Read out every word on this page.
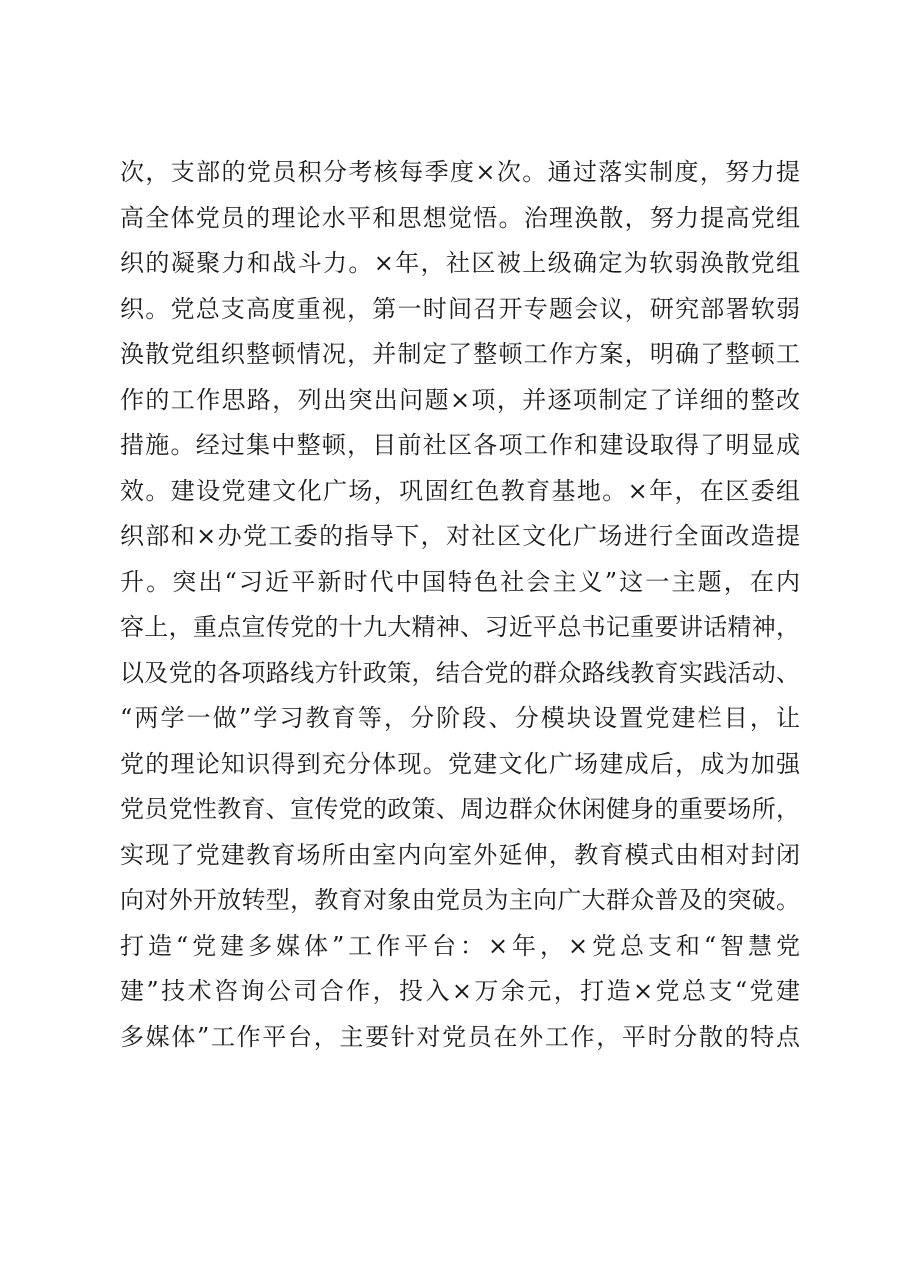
次，支部的党员积分考核每季度×次。通过落实制度，努力提
高全体党员的理论水平和思想觉悟。治理涣散，努力提高党组
织的凝聚力和战斗力。×年，社区被上级确定为软弱涣散党组
织。党总支高度重视，第一时间召开专题会议，研究部署软弱
涣散党组织整顿情况，并制定了整顿工作方案，明确了整顿工
作的工作思路，列出突出问题×项，并逐项制定了详细的整改
措施。经过集中整顿，目前社区各项工作和建设取得了明显成
效。建设党建文化广场，巩固红色教育基地。×年，在区委组
织部和×办党工委的指导下，对社区文化广场进行全面改造提
升。突出“习近平新时代中国特色社会主义”这一主题，在内
容上，重点宣传党的十九大精神、习近平总书记重要讲话精神，
以及党的各项路线方针政策，结合党的群众路线教育实践活动、
“两学一做”学习教育等，分阶段、分模块设置党建栏目，让
党的理论知识得到充分体现。党建文化广场建成后，成为加强
党员党性教育、宣传党的政策、周边群众休闲健身的重要场所，
实现了党建教育场所由室内向室外延伸，教育模式由相对封闭
向对外开放转型，教育对象由党员为主向广大群众普及的突破。
打造“党建多媒体”工作平台：×年，×党总支和“智慧党
建”技术咨询公司合作，投入×万余元，打造×党总支“党建
多媒体”工作平台，主要针对党员在外工作，平时分散的特点
